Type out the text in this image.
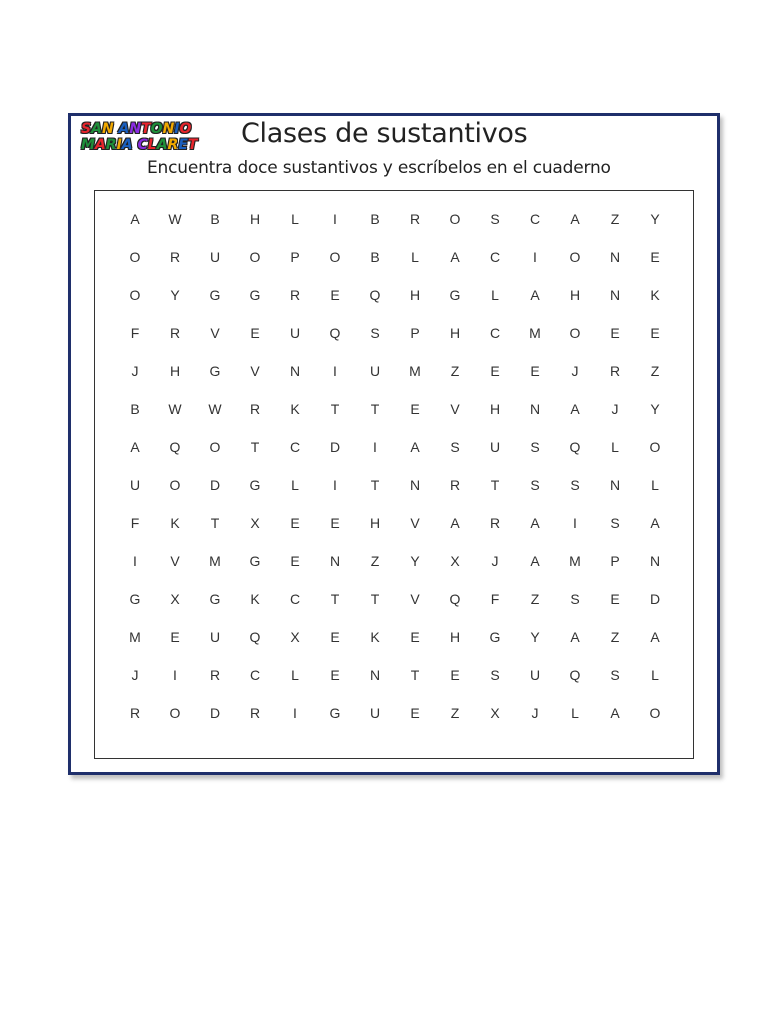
SAN ANTONIO
MARIA CLARET	Clases de sustantivos

Encuentra doce sustantivos y escríbelos en el cuaderno

A	W	B	H	L	I	B	R	O	S	C	A	Z	Y
O	R	U	O	P	O	B	L	A	C	I	O	N	E
O	Y	G	G	R	E	Q	H	G	L	A	H	N	K
F	R	V	E	U	Q	S	P	H	C	M	O	E	E
J	H	G	V	N	I	U	M	Z	E	E	J	R	Z
B	W	W	R	K	T	T	E	V	H	N	A	J	Y
A	Q	O	T	C	D	I	A	S	U	S	Q	L	O
U	O	D	G	L	I	T	N	R	T	S	S	N	L
F	K	T	X	E	E	H	V	A	R	A	I	S	A
I	V	M	G	E	N	Z	Y	X	J	A	M	P	N
G	X	G	K	C	T	T	V	Q	F	Z	S	E	D
M	E	U	Q	X	E	K	E	H	G	Y	A	Z	A
J	I	R	C	L	E	N	T	E	S	U	Q	S	L
R	O	D	R	I	G	U	E	Z	X	J	L	A	O
